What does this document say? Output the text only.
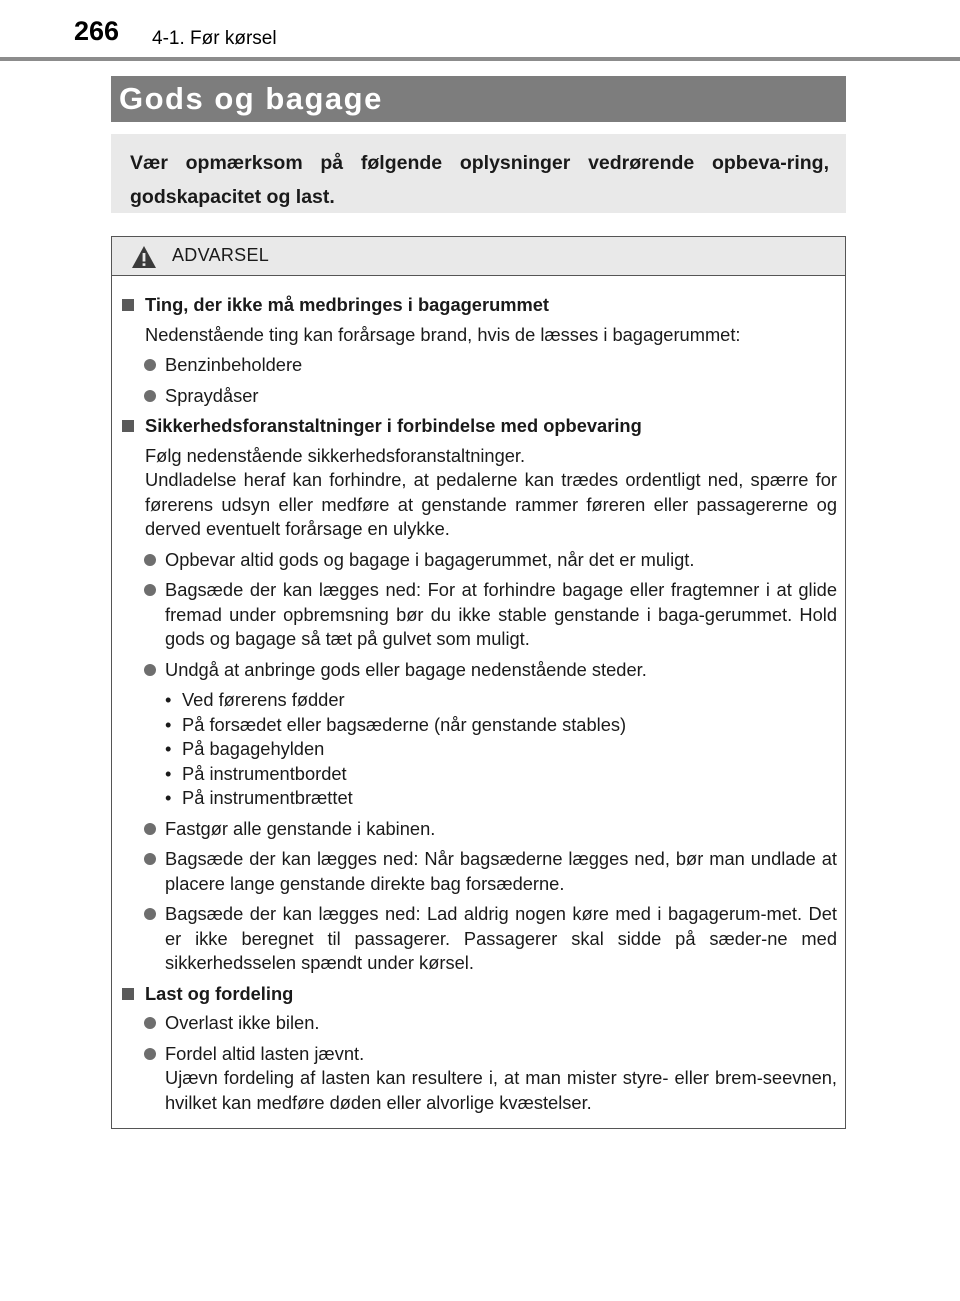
266 4-1. Før kørsel
Gods og bagage
Vær opmærksom på følgende oplysninger vedrørende opbeva-ring, godskapacitet og last.
ADVARSEL
Ting, der ikke må medbringes i bagagerummet
Nedenstående ting kan forårsage brand, hvis de læsses i bagagerummet:
Benzinbeholdere
Spraydåser
Sikkerhedsforanstaltninger i forbindelse med opbevaring
Følg nedenstående sikkerhedsforanstaltninger.
Undladelse heraf kan forhindre, at pedalerne kan trædes ordentligt ned, spærre for førerens udsyn eller medføre at genstande rammer føreren eller passagererne og derved eventuelt forårsage en ulykke.
Opbevar altid gods og bagage i bagagerummet, når det er muligt.
Bagsæde der kan lægges ned: For at forhindre bagage eller fragtemner i at glide fremad under opbremsning bør du ikke stable genstande i baga-gerummet. Hold gods og bagage så tæt på gulvet som muligt.
Undgå at anbringe gods eller bagage nedenstående steder.
• Ved førerens fødder
• På forsædet eller bagsæderne (når genstande stables)
• På bagagehylden
• På instrumentbordet
• På instrumentbrættet
Fastgør alle genstande i kabinen.
Bagsæde der kan lægges ned: Når bagsæderne lægges ned, bør man undlade at placere lange genstande direkte bag forsæderne.
Bagsæde der kan lægges ned: Lad aldrig nogen køre med i bagagerum-met. Det er ikke beregnet til passagerer. Passagerer skal sidde på sæder-ne med sikkerhedsselen spændt under kørsel.
Last og fordeling
Overlast ikke bilen.
Fordel altid lasten jævnt.
Ujævn fordeling af lasten kan resultere i, at man mister styre- eller brem-seevnen, hvilket kan medføre døden eller alvorlige kvæstelser.
